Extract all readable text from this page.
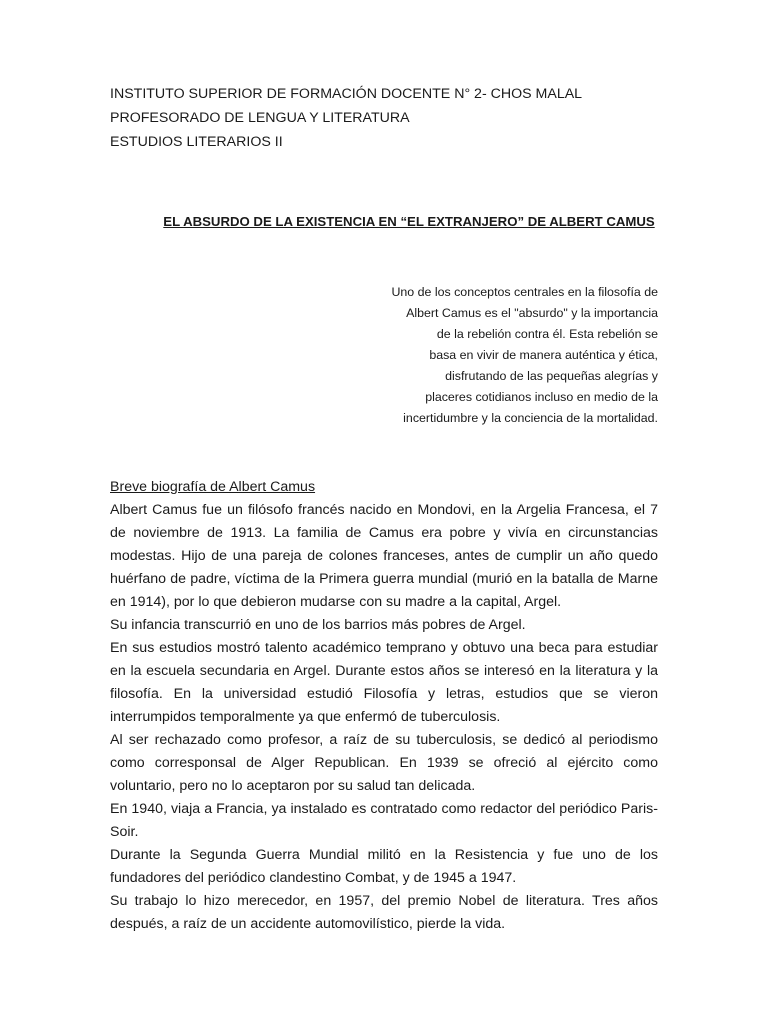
INSTITUTO SUPERIOR DE FORMACIÓN DOCENTE N° 2- CHOS MALAL
PROFESORADO DE LENGUA Y LITERATURA
ESTUDIOS LITERARIOS II
EL ABSURDO DE LA EXISTENCIA EN “EL EXTRANJERO” DE ALBERT CAMUS
Uno de los conceptos centrales en la filosofía de
Albert Camus es el "absurdo" y la importancia
de la rebelión contra él. Esta rebelión se
basa en vivir de manera auténtica y ética,
disfrutando de las pequeñas alegrías y
placeres cotidianos incluso en medio de la
incertidumbre y la conciencia de la mortalidad.
Breve biografía de Albert Camus

Albert Camus fue un filósofo francés nacido en Mondovi, en la Argelia Francesa, el 7 de noviembre de 1913. La familia de Camus era pobre y vivía en circunstancias modestas. Hijo de una pareja de colones franceses, antes de cumplir un año quedo huérfano de padre, víctima de la Primera guerra mundial (murió en la batalla de Marne en 1914), por lo que debieron mudarse con su madre a la capital, Argel.

Su infancia transcurrió en uno de los barrios más pobres de Argel.

En sus estudios mostró talento académico temprano y obtuvo una beca para estudiar en la escuela secundaria en Argel. Durante estos años se interesó en la literatura y la filosofía. En la universidad estudió Filosofía y letras, estudios que se vieron interrumpidos temporalmente ya que enfermó de tuberculosis.

Al ser rechazado como profesor, a raíz de su tuberculosis, se dedicó al periodismo como corresponsal de Alger Republican. En 1939 se ofreció al ejército como voluntario, pero no lo aceptaron por su salud tan delicada.

En 1940, viaja a Francia, ya instalado es contratado como redactor del periódico Paris-Soir.

Durante la Segunda Guerra Mundial militó en la Resistencia y fue uno de los fundadores del periódico clandestino Combat, y de 1945 a 1947.

Su trabajo lo hizo merecedor, en 1957, del premio Nobel de literatura. Tres años después, a raíz de un accidente automovilístico, pierde la vida.
